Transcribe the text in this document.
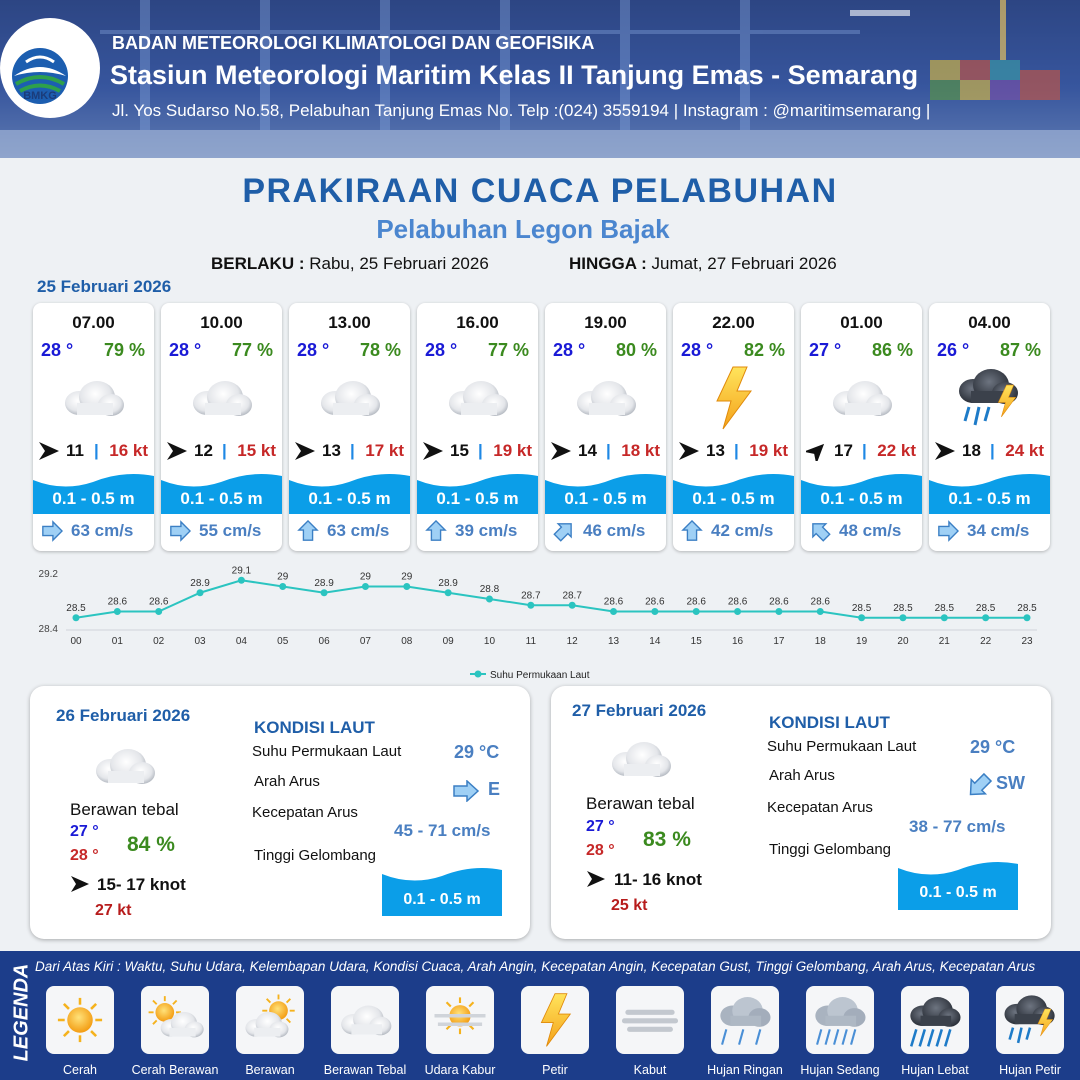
BMKG
BADAN METEOROLOGI KLIMATOLOGI DAN GEOFISIKA
Stasiun Meteorologi Maritim Kelas II Tanjung Emas - Semarang
Jl. Yos Sudarso No.58, Pelabuhan Tanjung Emas No. Telp :(024) 3559194 | Instagram : @maritimsemarang |
PRAKIRAAN CUACA PELABUHAN
Pelabuhan Legon Bajak
BERLAKU : Rabu, 25 Februari 2026	HINGGA : Jumat, 27 Februari 2026
25 Februari 2026
07.00
28 ° 79 %
11 | 16 kt
0.1 - 0.5 m
63 cm/s
10.00
28 ° 77 %
12 | 15 kt
0.1 - 0.5 m
55 cm/s
13.00
28 ° 78 %
13 | 17 kt
0.1 - 0.5 m
63 cm/s
16.00
28 ° 77 %
15 | 19 kt
0.1 - 0.5 m
39 cm/s
19.00
28 ° 80 %
14 | 18 kt
0.1 - 0.5 m
46 cm/s
22.00
28 ° 82 %
13 | 19 kt
0.1 - 0.5 m
42 cm/s
01.00
27 ° 86 %
17 | 22 kt
0.1 - 0.5 m
48 cm/s
04.00
26 ° 87 %
18 | 24 kt
0.1 - 0.5 m
34 cm/s
29.2
28.4
28.5
00
28.6
01
28.6
02
28.9
03
29.1
04
29
05
28.9
06
29
07
29
08
28.9
09
28.8
10
28.7
11
28.7
12
28.6
13
28.6
14
28.6
15
28.6
16
28.6
17
28.6
18
28.5
19
28.5
20
28.5
21
28.5
22
28.5
23
Suhu Permukaan Laut
26 Februari 2026
Berawan tebal
27 °
28 ° 84 %
15- 17 knot
27 kt
KONDISI LAUT
Suhu Permukaan Laut	29 °C
Arah Arus	E
Kecepatan Arus
45 - 71 cm/s
Tinggi Gelombang
0.1 - 0.5 m
27 Februari 2026
Berawan tebal
27 °
28 ° 83 %
11- 16 knot
25 kt
KONDISI LAUT
Suhu Permukaan Laut	29 °C
Arah Arus	SW
Kecepatan Arus
38 - 77 cm/s
Tinggi Gelombang
0.1 - 0.5 m
LEGENDA Dari Atas Kiri : Waktu, Suhu Udara, Kelembapan Udara, Kondisi Cuaca, Arah Angin, Kecepatan Angin, Kecepatan Gust, Tinggi Gelombang, Arah Arus, Kecepatan Arus
Cerah	Cerah Berawan	Berawan	Berawan Tebal	Udara Kabur	Petir	Kabut	Hujan Ringan	Hujan Sedang	Hujan Lebat	Hujan Petir
